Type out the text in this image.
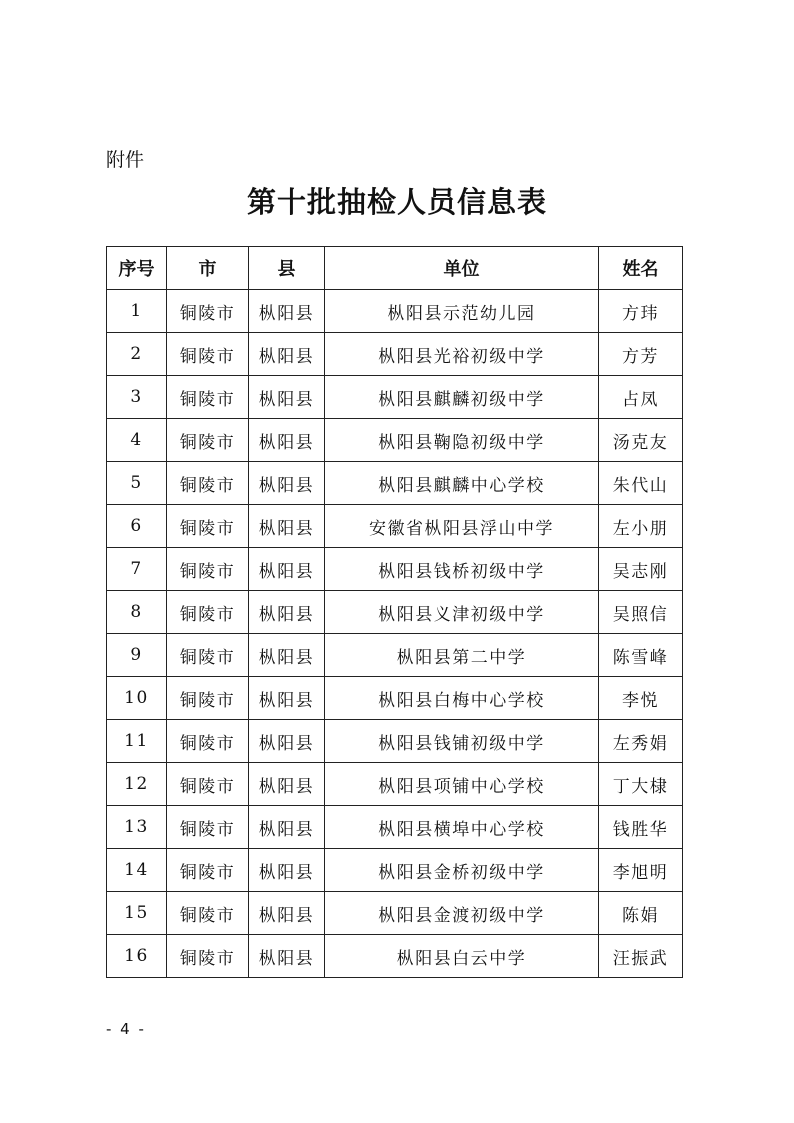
附件
第十批抽检人员信息表
序号	市	县	单位	姓名
1	铜陵市	枞阳县	枞阳县示范幼儿园	方玮
2	铜陵市	枞阳县	枞阳县光裕初级中学	方芳
3	铜陵市	枞阳县	枞阳县麒麟初级中学	占凤
4	铜陵市	枞阳县	枞阳县鞠隐初级中学	汤克友
5	铜陵市	枞阳县	枞阳县麒麟中心学校	朱代山
6	铜陵市	枞阳县	安徽省枞阳县浮山中学	左小朋
7	铜陵市	枞阳县	枞阳县钱桥初级中学	吴志刚
8	铜陵市	枞阳县	枞阳县义津初级中学	吴照信
9	铜陵市	枞阳县	枞阳县第二中学	陈雪峰
10	铜陵市	枞阳县	枞阳县白梅中心学校	李悦
11	铜陵市	枞阳县	枞阳县钱铺初级中学	左秀娟
12	铜陵市	枞阳县	枞阳县项铺中心学校	丁大棣
13	铜陵市	枞阳县	枞阳县横埠中心学校	钱胜华
14	铜陵市	枞阳县	枞阳县金桥初级中学	李旭明
15	铜陵市	枞阳县	枞阳县金渡初级中学	陈娟
16	铜陵市	枞阳县	枞阳县白云中学	汪振武
- 4 -
